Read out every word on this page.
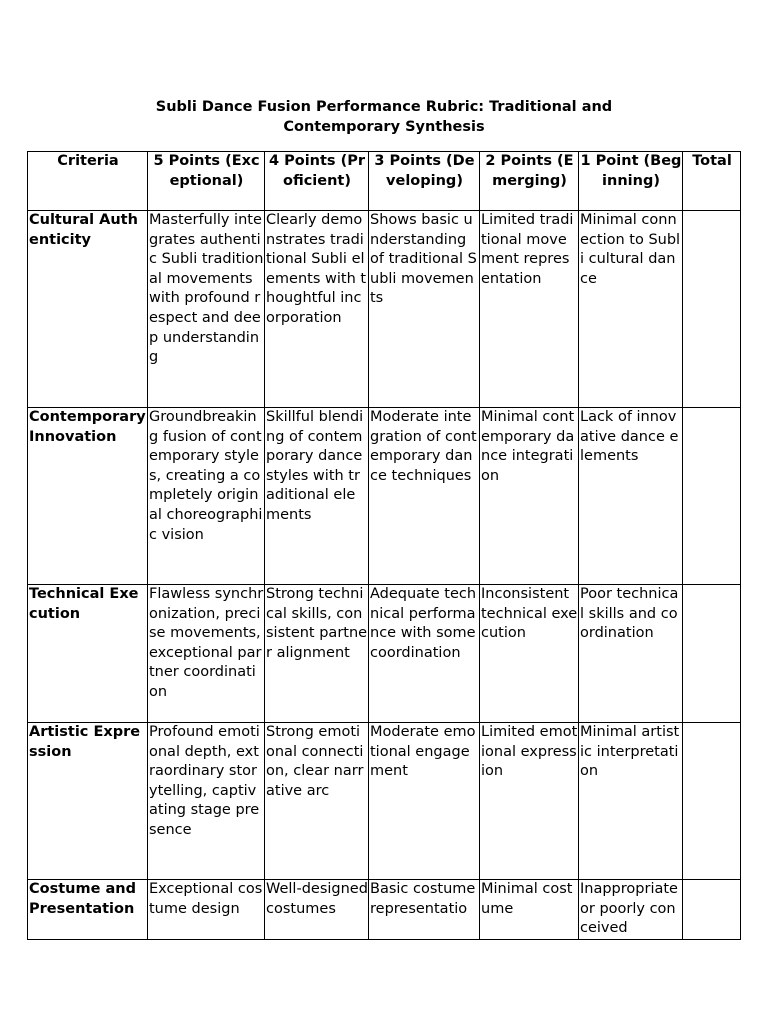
Subli Dance Fusion Performance Rubric: Traditional and Contemporary Synthesis
Criteria	5 Points (Exceptional)	4 Points (Proficient)	3 Points (Developing)	2 Points (Emerging)	1 Point (Beginning)	Total
Cultural Authenticity	Masterfully integrates authentic Subli traditional movements with profound respect and deep understanding	Clearly demonstrates traditional Subli elements with thoughtful incorporation	Shows basic understanding of traditional Subli movements	Limited traditional movement representation	Minimal connection to Subli cultural dance	
Contemporary Innovation	Groundbreaking fusion of contemporary styles, creating a completely original choreographic vision	Skillful blending of contemporary dance styles with traditional elements	Moderate integration of contemporary dance techniques	Minimal contemporary dance integration	Lack of innovative dance elements	
Technical Execution	Flawless synchronization, precise movements, exceptional partner coordination	Strong technical skills, consistent partner alignment	Adequate technical performance with some coordination	Inconsistent technical execution	Poor technical skills and coordination	
Artistic Expression	Profound emotional depth, extraordinary storytelling, captivating stage presence	Strong emotional connection, clear narrative arc	Moderate emotional engagement	Limited emotional expression	Minimal artistic interpretation	
Costume and Presentation	Exceptional costume design	Well-designed costumes	Basic costume representatio	Minimal costume	Inappropriate or poorly conceived	
